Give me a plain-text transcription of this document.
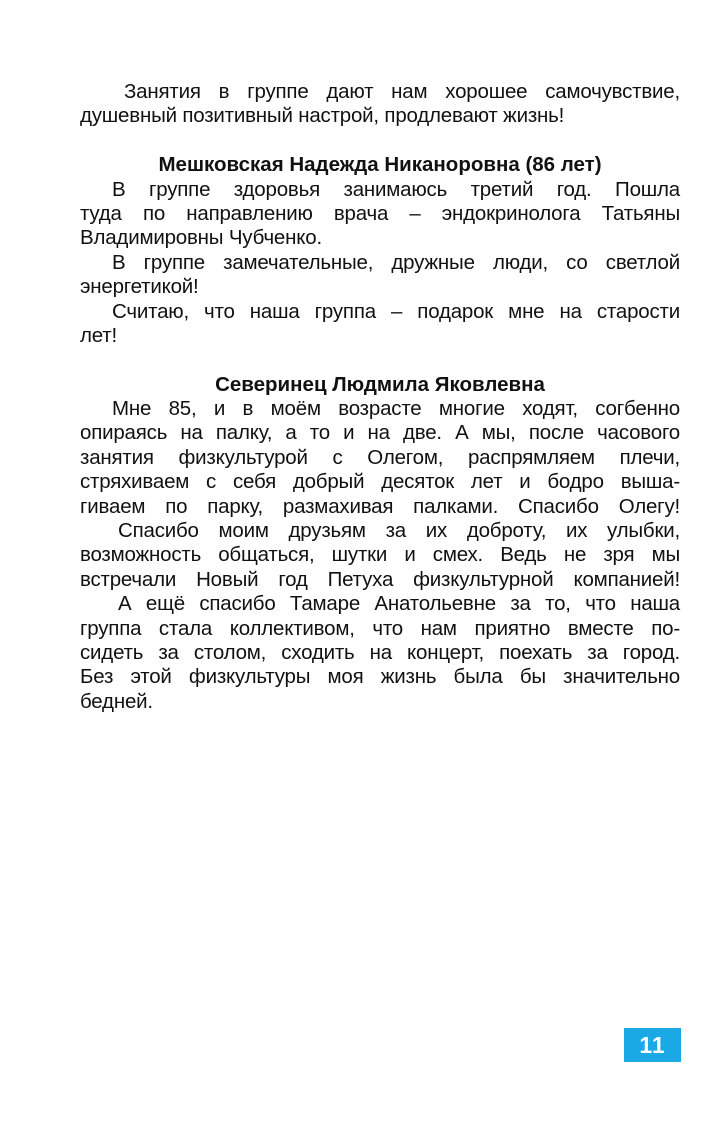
Занятия в группе дают нам хорошее самочувствие,
душевный позитивный настрой, продлевают жизнь!
Мешковская Надежда Никаноровна (86 лет)
В группе здоровья занимаюсь третий год. Пошла
туда по направлению врача – эндокринолога Татьяны
Владимировны Чубченко.
В группе замечательные, дружные люди, со светлой
энергетикой!
Считаю, что наша группа – подарок мне на старости
лет!
Северинец Людмила Яковлевна
Мне 85, и в моём возрасте многие ходят, согбенно
опираясь на палку, а то и на две. А мы, после часового
занятия физкультурой с Олегом, распрямляем плечи,
стряхиваем с себя добрый десяток лет и бодро выша-
гиваем по парку, размахивая палками. Спасибо Олегу!
Спасибо моим друзьям за их доброту, их улыбки,
возможность общаться, шутки и смех. Ведь не зря мы
встречали Новый год Петуха физкультурной компанией!
А ещё спасибо Тамаре Анатольевне за то, что наша
группа стала коллективом, что нам приятно вместе по-
сидеть за столом, сходить на концерт, поехать за город.
Без этой физкультуры моя жизнь была бы значительно
бедней.
11
